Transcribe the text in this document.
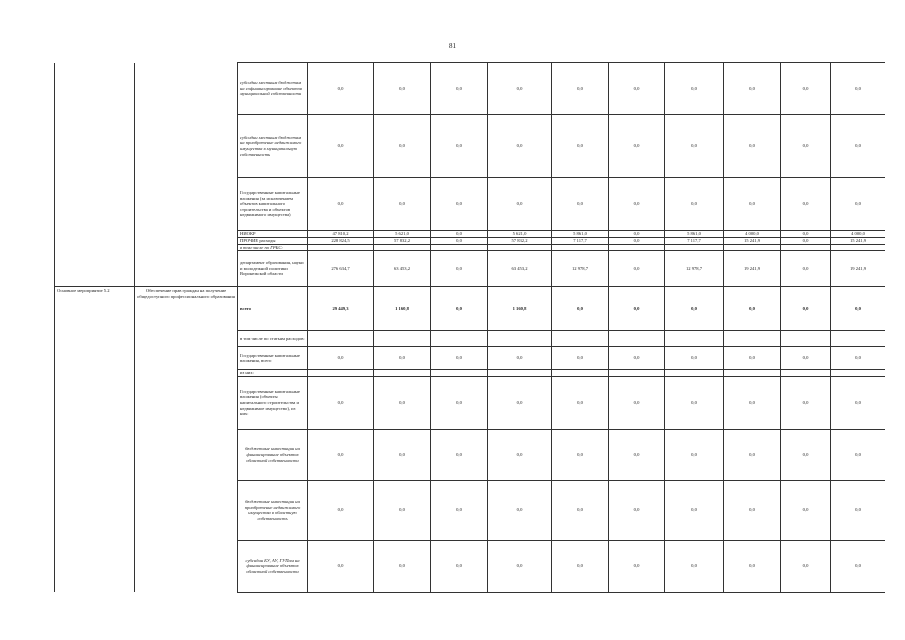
81
		субсидии местным бюджетам на софинансирование объектов муниципальной собственности	0,0	0,0	0,0	0,0	0,0	0,0	0,0	0,0	0,0	0,0
		субсидии местным бюджетам на приобретение недвижимого имущества в муниципальную собственность	0,0	0,0	0,0	0,0	0,0	0,0	0,0	0,0	0,0	0,0
		Государственные капитальные вложения (за исключением объектов капитального строительства и объектов недвижимого имущества)	0,0	0,0	0,0	0,0	0,0	0,0	0,0	0,0	0,0	0,0
		НИОКР	47 810,2	5 621,0	0,0	5 621,0	5 861,0	0,0	5 861,0	4 000,0	0,0	4 000,0
		ПРОЧИЕ расходы	228 824,5	57 832,2	0,0	57 832,2	7 117,7	0,0	7 117,7	15 241,9	0,0	15 241,9
		в том числе по ГРБС:										
		департамент образования, науки и молодежной политики Воронежской области	276 634,7	63 453,2	0,0	63 453,2	12 978,7	0,0	12 978,7	19 241,9	0,0	19 241,9
Основное мероприятие 5.2	Обеспечение прав граждан на получение общедоступного профессионального образования	всего	29 449,3	1 160,8	0,0	1 160,8	0,0	0,0	0,0	0,0	0,0	0,0
		в том числе по статьям расходов:										
		Государственные капитальные вложения, всего	0,0	0,0	0,0	0,0	0,0	0,0	0,0	0,0	0,0	0,0
		из них:										
		Государственные капитальные вложения (объекты капитального строительства и недвижимое имущество), из них:	0,0	0,0	0,0	0,0	0,0	0,0	0,0	0,0	0,0	0,0
		бюджетные инвестиции на финансирование объектов областной собственности	0,0	0,0	0,0	0,0	0,0	0,0	0,0	0,0	0,0	0,0
		бюджетные инвестиции на приобретение недвижимого имущества в областную собственность	0,0	0,0	0,0	0,0	0,0	0,0	0,0	0,0	0,0	0,0
		субсидии БУ, АУ, ГУПам на финансирование объектов областной собственности	0,0	0,0	0,0	0,0	0,0	0,0	0,0	0,0	0,0	0,0
